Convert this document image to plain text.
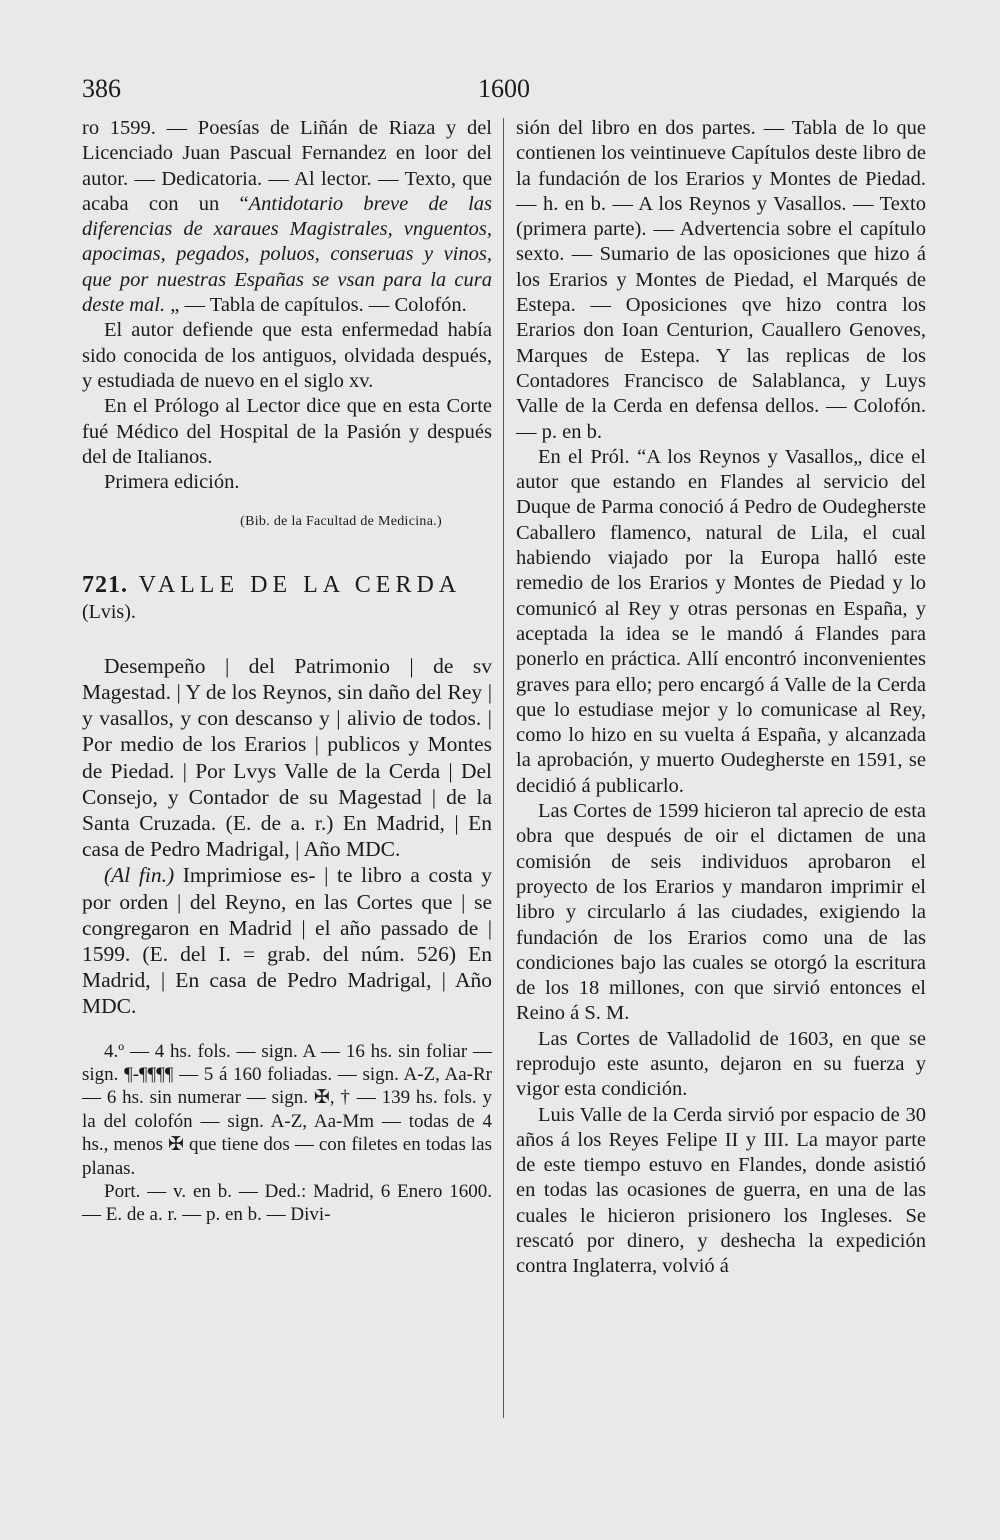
386	1600

ro 1599. — Poesías de Liñán de Riaza y del Licenciado Juan Pascual Fernandez en loor del autor. — Dedicatoria. — Al lector. — Texto, que acaba con un “Antidotario breve de las diferencias de xaraues Magistrales, vnguentos, apocimas, pegados, poluos, conseruas y vinos, que por nuestras Españas se vsan para la cura deste mal. „ — Tabla de capítulos. — Colofón.

El autor defiende que esta enfermedad había sido conocida de los antiguos, olvidada después, y estudiada de nuevo en el siglo xv.

En el Prólogo al Lector dice que en esta Corte fué Médico del Hospital de la Pasión y después del de Italianos.

Primera edición.

(Bib. de la Facultad de Medicina.)

721. VALLE DE LA CERDA

(Lvis).

Desempeño | del Patrimonio | de sv Magestad. | Y de los Reynos, sin daño del Rey | y vasallos, y con descanso y | alivio de todos. | Por medio de los Erarios | publicos y Montes de Piedad. | Por Lvys Valle de la Cerda | Del Consejo, y Contador de su Magestad | de la Santa Cruzada. (E. de a. r.) En Madrid, | En casa de Pedro Madrigal, | Año MDC.

(Al fin.) Imprimiose es- | te libro a costa y por orden | del Reyno, en las Cortes que | se congregaron en Madrid | el año passado de | 1599. (E. del I. = grab. del núm. 526) En Madrid, | En casa de Pedro Madrigal, | Año MDC.

4.º — 4 hs. fols. — sign. A — 16 hs. sin foliar — sign. ¶-¶¶¶¶ — 5 á 160 foliadas. — sign. A-Z, Aa-Rr — 6 hs. sin numerar — sign. ✠, † — 139 hs. fols. y la del colofón — sign. A-Z, Aa-Mm — todas de 4 hs., menos ✠ que tiene dos — con filetes en todas las planas.

Port. — v. en b. — Ded.: Madrid, 6 Enero 1600. — E. de a. r. — p. en b. — Divi-

sión del libro en dos partes. — Tabla de lo que contienen los veintinueve Capítulos deste libro de la fundación de los Erarios y Montes de Piedad. — h. en b. — A los Reynos y Vasallos. — Texto (primera parte). — Advertencia sobre el capítulo sexto. — Sumario de las oposiciones que hizo á los Erarios y Montes de Piedad, el Marqués de Estepa. — Oposiciones qve hizo contra los Erarios don Ioan Centurion, Cauallero Genoves, Marques de Estepa. Y las replicas de los Contadores Francisco de Salablanca, y Luys Valle de la Cerda en defensa dellos. — Colofón. — p. en b.

En el Pról. “A los Reynos y Vasallos„ dice el autor que estando en Flandes al servicio del Duque de Parma conoció á Pedro de Oudegherste Caballero flamenco, natural de Lila, el cual habiendo viajado por la Europa halló este remedio de los Erarios y Montes de Piedad y lo comunicó al Rey y otras personas en España, y aceptada la idea se le mandó á Flandes para ponerlo en práctica. Allí encontró inconvenientes graves para ello; pero encargó á Valle de la Cerda que lo estudiase mejor y lo comunicase al Rey, como lo hizo en su vuelta á España, y alcanzada la aprobación, y muerto Oudegherste en 1591, se decidió á publicarlo.

Las Cortes de 1599 hicieron tal aprecio de esta obra que después de oir el dictamen de una comisión de seis individuos aprobaron el proyecto de los Erarios y mandaron imprimir el libro y circularlo á las ciudades, exigiendo la fundación de los Erarios como una de las condiciones bajo las cuales se otorgó la escritura de los 18 millones, con que sirvió entonces el Reino á S. M.

Las Cortes de Valladolid de 1603, en que se reprodujo este asunto, dejaron en su fuerza y vigor esta condición.

Luis Valle de la Cerda sirvió por espacio de 30 años á los Reyes Felipe II y III. La mayor parte de este tiempo estuvo en Flandes, donde asistió en todas las ocasiones de guerra, en una de las cuales le hicieron prisionero los Ingleses. Se rescató por dinero, y deshecha la expedición contra Inglaterra, volvió á
